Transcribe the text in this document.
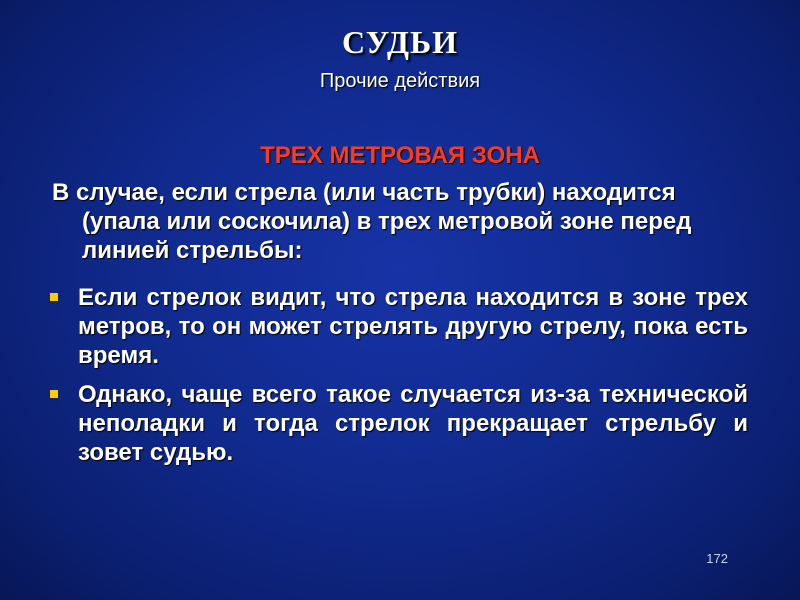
СУДЬИ
Прочие действия
ТРЕХ МЕТРОВАЯ ЗОНА
В случае, если стрела (или часть трубки) находится (упала или соскочила) в трех метровой зоне перед линией стрельбы:
Если стрелок видит, что стрела находится в зоне трех метров, то он может стрелять другую стрелу, пока есть время.
Однако, чаще всего такое случается из-за технической неполадки и тогда стрелок прекращает стрельбу и зовет судью.
172
